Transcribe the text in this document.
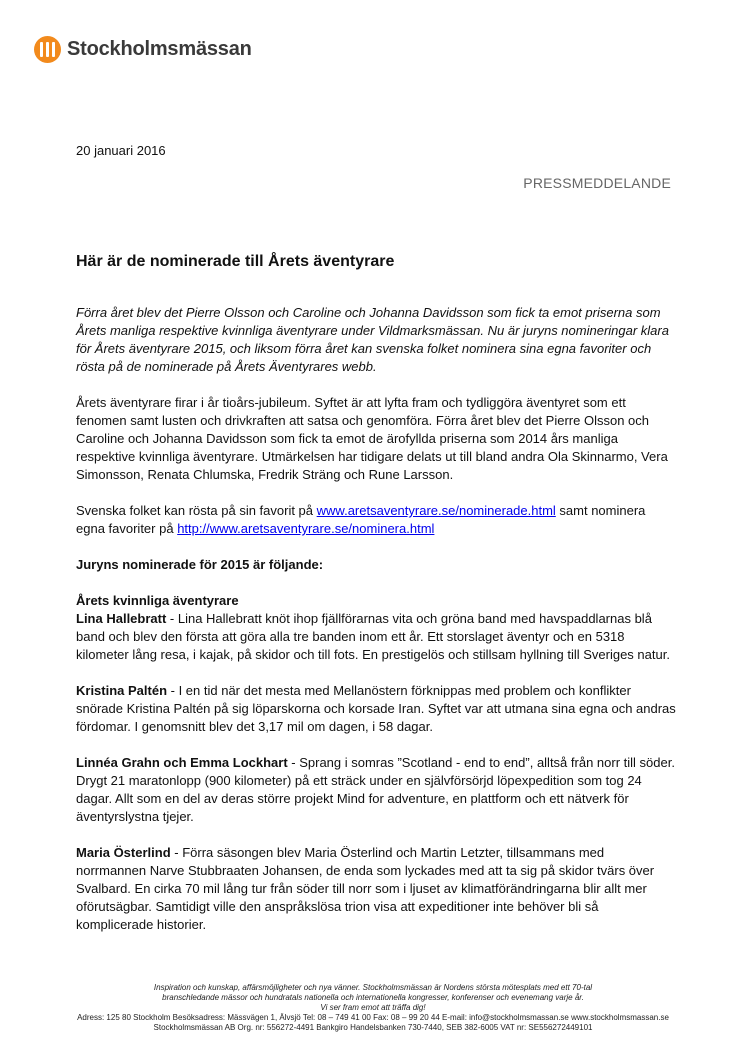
Stockholmsmässan
20 januari 2016
PRESSMEDDELANDE
Här är de nominerade till Årets äventyrare

Förra året blev det Pierre Olsson och Caroline och Johanna Davidsson som fick ta emot priserna som Årets manliga respektive kvinnliga äventyrare under Vildmarksmässan. Nu är juryns nomineringar klara för Årets äventyrare 2015, och liksom förra året kan svenska folket nominera sina egna favoriter och rösta på de nominerade på Årets Äventyrares webb.

Årets äventyrare firar i år tioårs-jubileum. Syftet är att lyfta fram och tydliggöra äventyret som ett fenomen samt lusten och drivkraften att satsa och genomföra. Förra året blev det Pierre Olsson och Caroline och Johanna Davidsson som fick ta emot de ärofyllda priserna som 2014 års manliga respektive kvinnliga äventyrare. Utmärkelsen har tidigare delats ut till bland andra Ola Skinnarmo, Vera Simonsson, Renata Chlumska, Fredrik Sträng och Rune Larsson.

Svenska folket kan rösta på sin favorit på www.aretsaventyrare.se/nominerade.html samt nominera egna favoriter på http://www.aretsaventyrare.se/nominera.html

Juryns nominerade för 2015 är följande:

Årets kvinnliga äventyrare

Lina Hallebratt - Lina Hallebratt knöt ihop fjällförarnas vita och gröna band med havspaddlarnas blå band och blev den första att göra alla tre banden inom ett år. Ett storslaget äventyr och en 5318 kilometer lång resa, i kajak, på skidor och till fots. En prestigelös och stillsam hyllning till Sveriges natur.

Kristina Paltén - I en tid när det mesta med Mellanöstern förknippas med problem och konflikter snörade Kristina Paltén på sig löparskorna och korsade Iran. Syftet var att utmana sina egna och andras fördomar. I genomsnitt blev det 3,17 mil om dagen, i 58 dagar.

Linnéa Grahn och Emma Lockhart - Sprang i somras ”Scotland - end to end”, alltså från norr till söder. Drygt 21 maratonlopp (900 kilometer) på ett sträck under en självförsörjd löpexpedition som tog 24 dagar. Allt som en del av deras större projekt Mind for adventure, en plattform och ett nätverk för äventyrslystna tjejer.

Maria Österlind - Förra säsongen blev Maria Österlind och Martin Letzter, tillsammans med norrmannen Narve Stubbraaten Johansen, de enda som lyckades med att ta sig på skidor tvärs över Svalbard. En cirka 70 mil lång tur från söder till norr som i ljuset av klimatförändringarna blir allt mer oförutsägbar. Samtidigt ville den anspråkslösa trion visa att expeditioner inte behöver bli så komplicerade historier.

Inspiration och kunskap, affärsmöjligheter och nya vänner. Stockholmsmässan är Nordens största mötesplats med ett 70-tal
branschledande mässor och hundratals nationella och internationella kongresser, konferenser och evenemang varje år.
Vi ser fram emot att träffa dig!
Adress: 125 80 Stockholm Besöksadress: Mässvägen 1, Älvsjö Tel: 08 – 749 41 00 Fax: 08 – 99 20 44 E-mail: info@stockholmsmassan.se www.stockholmsmassan.se
Stockholmsmässan AB Org. nr: 556272-4491 Bankgiro Handelsbanken 730-7440, SEB 382-6005 VAT nr: SE556272449101
